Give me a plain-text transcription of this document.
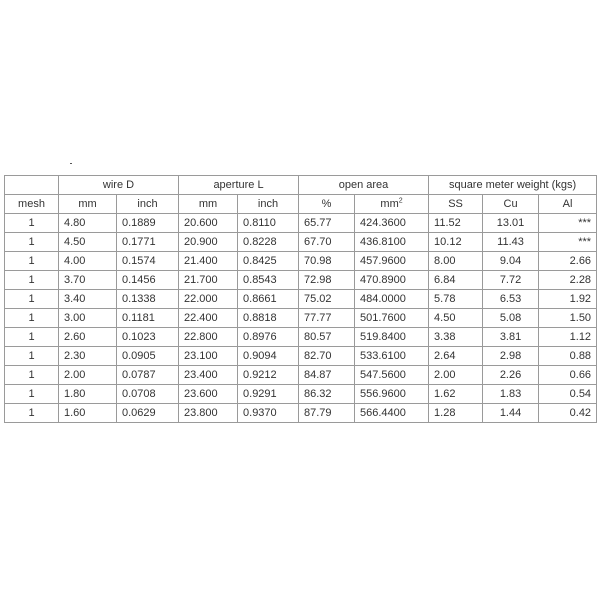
	wire D		aperture L		open area		square meter weight (kgs)		
mesh	mm	inch	mm	inch	%	$mm^2$	SS	Cu	Al
1	4.80	0.1889	20.600	0.8110	65.77	424.3600	11.52	13.01	***
1	4.50	0.1771	20.900	0.8228	67.70	436.8100	10.12	11.43	***
1	4.00	0.1574	21.400	0.8425	70.98	457.9600	8.00	9.04	2.66
1	3.70	0.1456	21.700	0.8543	72.98	470.8900	6.84	7.72	2.28
1	3.40	0.1338	22.000	0.8661	75.02	484.0000	5.78	6.53	1.92
1	3.00	0.1181	22.400	0.8818	77.77	501.7600	4.50	5.08	1.50
1	2.60	0.1023	22.800	0.8976	80.57	519.8400	3.38	3.81	1.12
1	2.30	0.0905	23.100	0.9094	82.70	533.6100	2.64	2.98	0.88
1	2.00	0.0787	23.400	0.9212	84.87	547.5600	2.00	2.26	0.66
1	1.80	0.0708	23.600	0.9291	86.32	556.9600	1.62	1.83	0.54
1	1.60	0.0629	23.800	0.9370	87.79	566.4400	1.28	1.44	0.42
